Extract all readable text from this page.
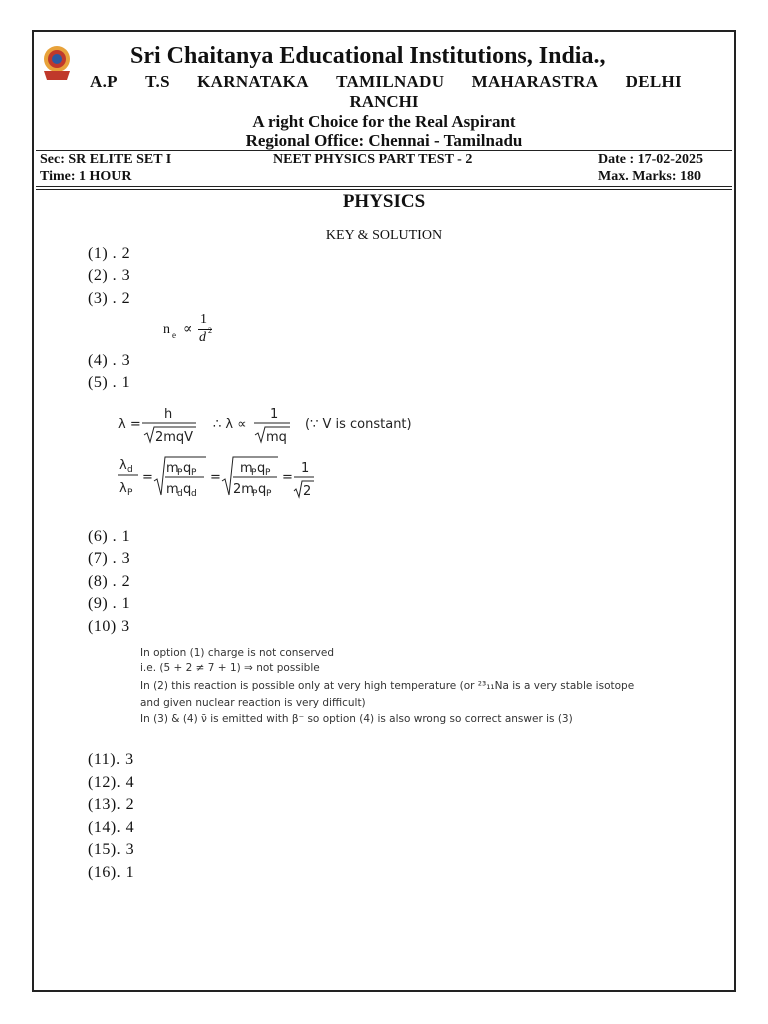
Sri Chaitanya Educational Institutions, India.,
A.P T.S KARNATAKA TAMILNADU MAHARASTRA DELHI
RANCHI
A right Choice for the Real Aspirant
Regional Office: Chennai - Tamilnadu
Sec: SR ELITE SET I	NEET PHYSICS PART TEST - 2	Date : 17-02-2025
Time: 1 HOUR	Max. Marks: 180
PHYSICS
KEY & SOLUTION
(1) . 2
(2) . 3
(3) . 2
n e ∝
1
d 2
(4) . 3
(5) . 1
λ =
h
2mqV
∴ λ ∝
1
mq
(∵ V is constant)
λ d
λ P
=
m
P q P
m
d q d
=
m
P q P
2m
P q P
=
1
2
(6) . 1
(7) . 3
(8) . 2
(9) . 1
(10) 3
In option (1) charge is not conserved
i.e. (5 + 2 ≠ 7 + 1) ⇒ not possible
In (2) this reaction is possible only at very high temperature (or ²³₁₁Na is a very stable isotope
and given nuclear reaction is very difficult)
In (3) & (4) ν̄ is emitted with β⁻ so option (4) is also wrong so correct answer is (3)
(11). 3
(12). 4
(13). 2
(14). 4
(15). 3
(16). 1
